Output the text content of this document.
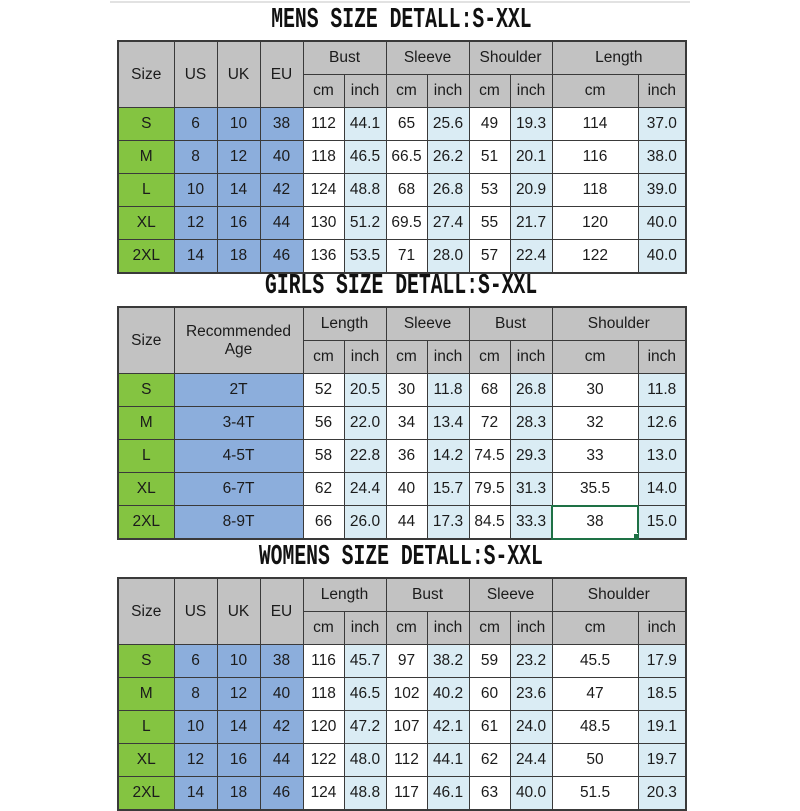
MENS SIZE DETALL:S-XXL
Size	US	UK	EU	Bust		Sleeve		Shoulder		Length	
				cm	inch	cm	inch	cm	inch	cm	inch
S	6	10	38	112	44.1	65	25.6	49	19.3	114	37.0
M	8	12	40	118	46.5	66.5	26.2	51	20.1	116	38.0
L	10	14	42	124	48.8	68	26.8	53	20.9	118	39.0
XL	12	16	44	130	51.2	69.5	27.4	55	21.7	120	40.0
2XL	14	18	46	136	53.5	71	28.0	57	22.4	122	40.0
GIRLS SIZE DETALL:S-XXL
Size	Recommended Age	Length		Sleeve		Bust		Shoulder	
		cm	inch	cm	inch	cm	inch	cm	inch
S	2T	52	20.5	30	11.8	68	26.8	30	11.8
M	3-4T	56	22.0	34	13.4	72	28.3	32	12.6
L	4-5T	58	22.8	36	14.2	74.5	29.3	33	13.0
XL	6-7T	62	24.4	40	15.7	79.5	31.3	35.5	14.0
2XL	8-9T	66	26.0	44	17.3	84.5	33.3	38	15.0
WOMENS SIZE DETALL:S-XXL
Size	US	UK	EU	Length		Bust		Sleeve		Shoulder	
				cm	inch	cm	inch	cm	inch	cm	inch
S	6	10	38	116	45.7	97	38.2	59	23.2	45.5	17.9
M	8	12	40	118	46.5	102	40.2	60	23.6	47	18.5
L	10	14	42	120	47.2	107	42.1	61	24.0	48.5	19.1
XL	12	16	44	122	48.0	112	44.1	62	24.4	50	19.7
2XL	14	18	46	124	48.8	117	46.1	63	40.0	51.5	20.3
